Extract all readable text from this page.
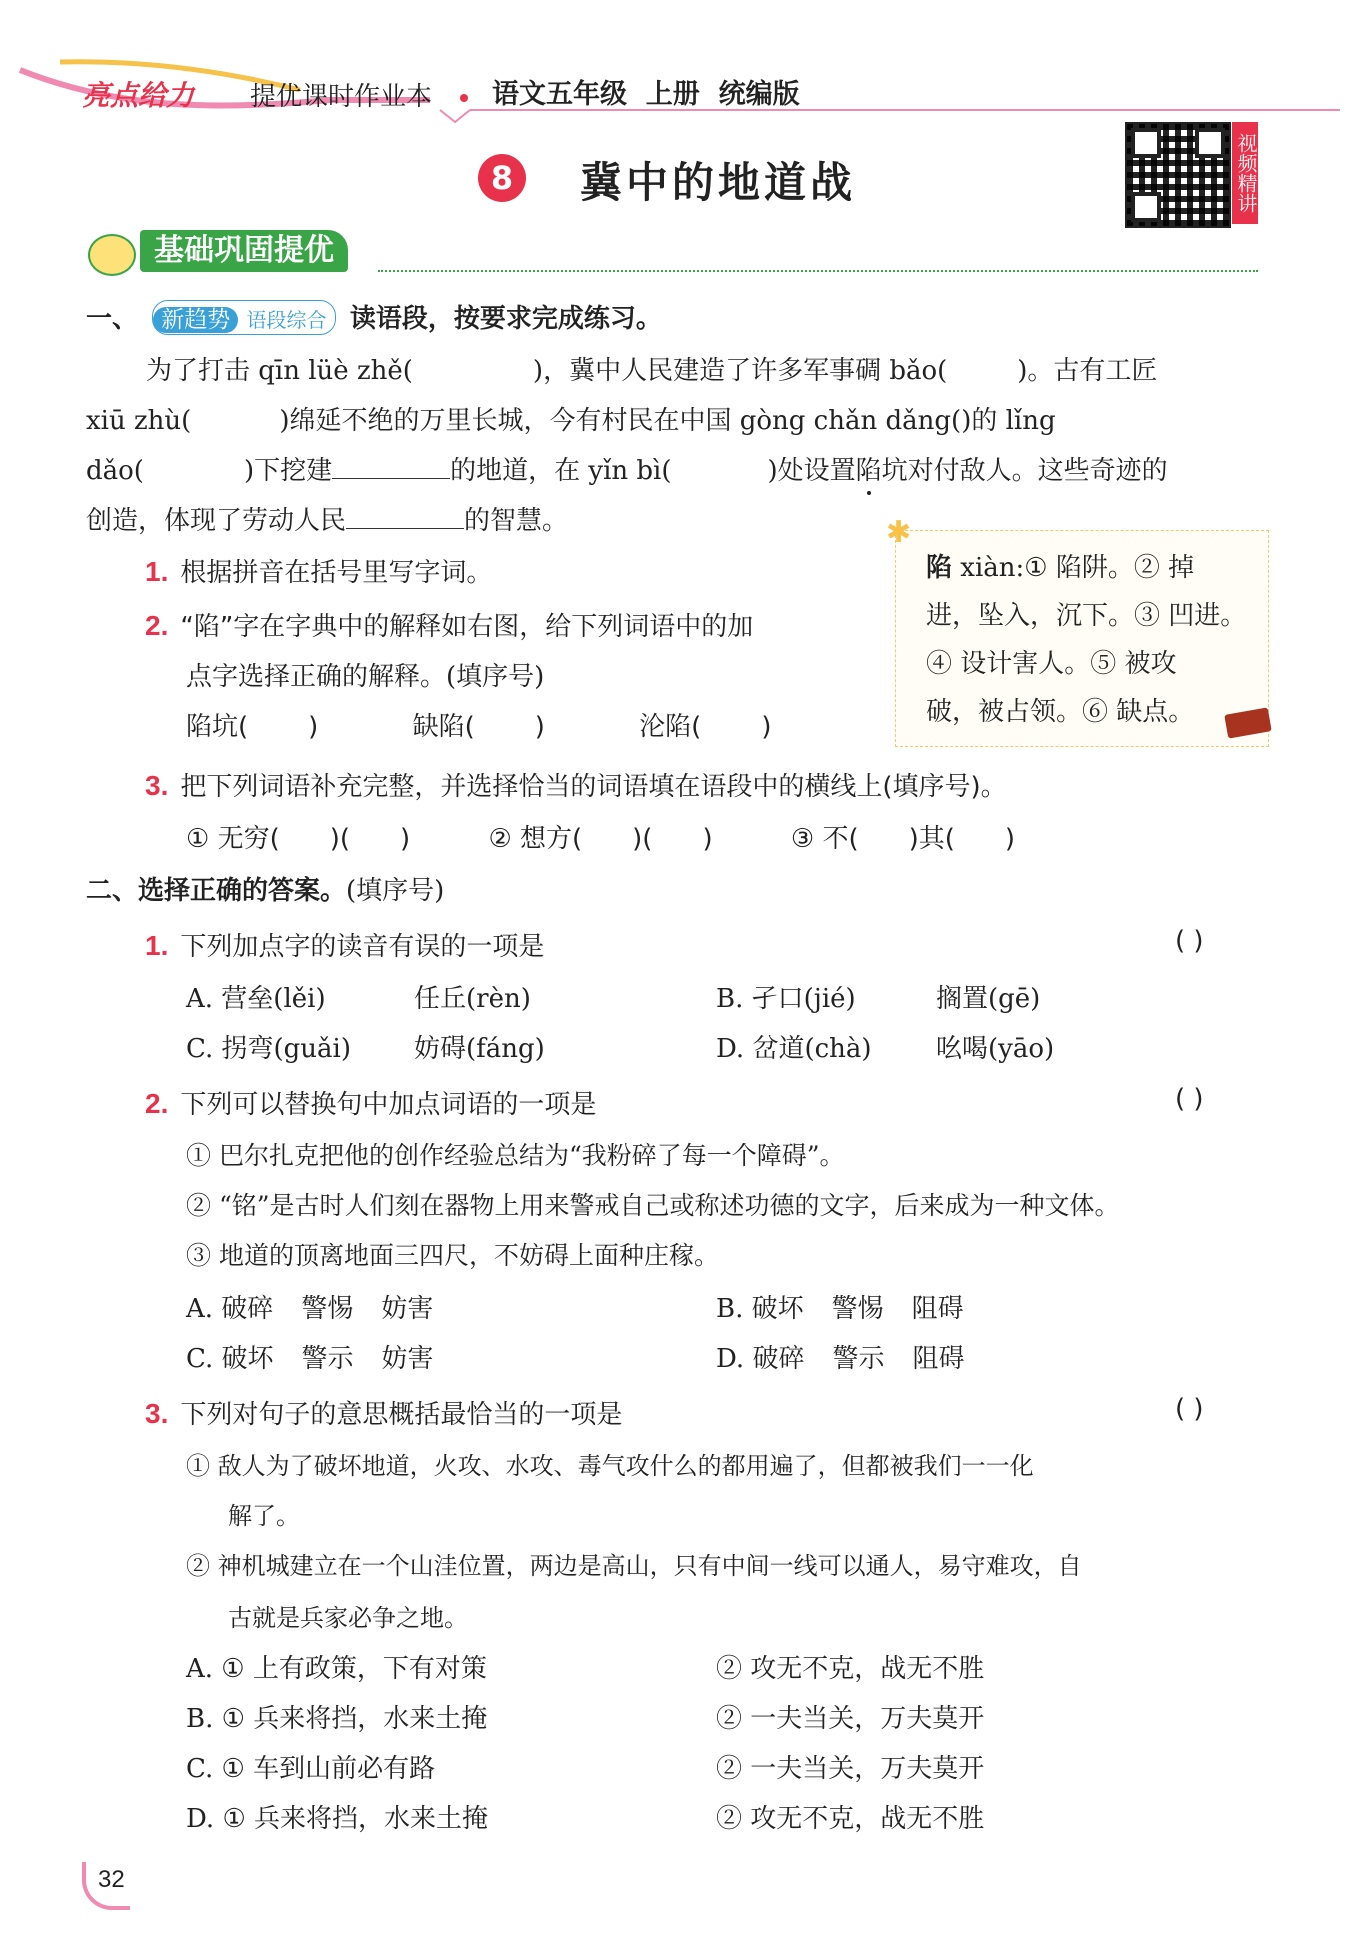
亮点给力 提优课时作业本 语文五年级  上册  统编版
8	冀中的地道战	视频精讲
基础巩固提优
一、 新趋势 语段综合 读语段，按要求完成练习。
为了打击 qīn lüè zhě(	)，冀中人民建造了许多军事碉 bǎo(	)。古有工匠
xiū zhù(	)绵延不绝的万里长城，今有村民在中国 gòng chǎn dǎng()的 lǐng
dǎo(	)下挖建	的地道，在 yǐn bì(	)处设置陷坑对付敌人。这些奇迹的
创造，体现了劳动人民	的智慧。	✱
陷 xiàn:① 陷阱。② 掉
进，坠入，沉下。③ 凹进。
④ 设计害人。⑤ 被攻
破，被占领。⑥ 缺点。
1. 根据拼音在括号里写字词。
2. “陷”字在字典中的解释如右图，给下列词语中的加
点字选择正确的解释。(填序号)
陷坑( )	缺陷( )	沦陷( )
3. 把下列词语补充完整，并选择恰当的词语填在语段中的横线上(填序号)。
① 无穷( )( )	② 想方( )( )	③ 不( )其( )
二、选择正确的答案。(填序号)
1. 下列加点字的读音有误的一项是	( )
A. 营垒(lěi)	任丘(rèn)	B. 孑口(jié)	搁置(gē)
C. 拐弯(guǎi) 妨碍(fáng)	D. 岔道(chà) 吆喝(yāo)
2. 下列可以替换句中加点词语的一项是	( )
① 巴尔扎克把他的创作经验总结为“我粉碎了每一个障碍”。
② “铭”是古时人们刻在器物上用来警戒自己或称述功德的文字，后来成为一种文体。
③ 地道的顶离地面三四尺，不妨碍上面种庄稼。
A. 破碎 警惕 妨害	B. 破坏 警惕 阻碍
C. 破坏 警示 妨害	D. 破碎 警示 阻碍
3. 下列对句子的意思概括最恰当的一项是	( )
① 敌人为了破坏地道，火攻、水攻、毒气攻什么的都用遍了，但都被我们一一化
解了。
② 神机城建立在一个山洼位置，两边是高山，只有中间一线可以通人，易守难攻，自
古就是兵家必争之地。
A. ① 上有政策，下有对策	② 攻无不克，战无不胜
B. ① 兵来将挡，水来土掩	② 一夫当关，万夫莫开
C. ① 车到山前必有路	② 一夫当关，万夫莫开
D. ① 兵来将挡，水来土掩	② 攻无不克，战无不胜
32
